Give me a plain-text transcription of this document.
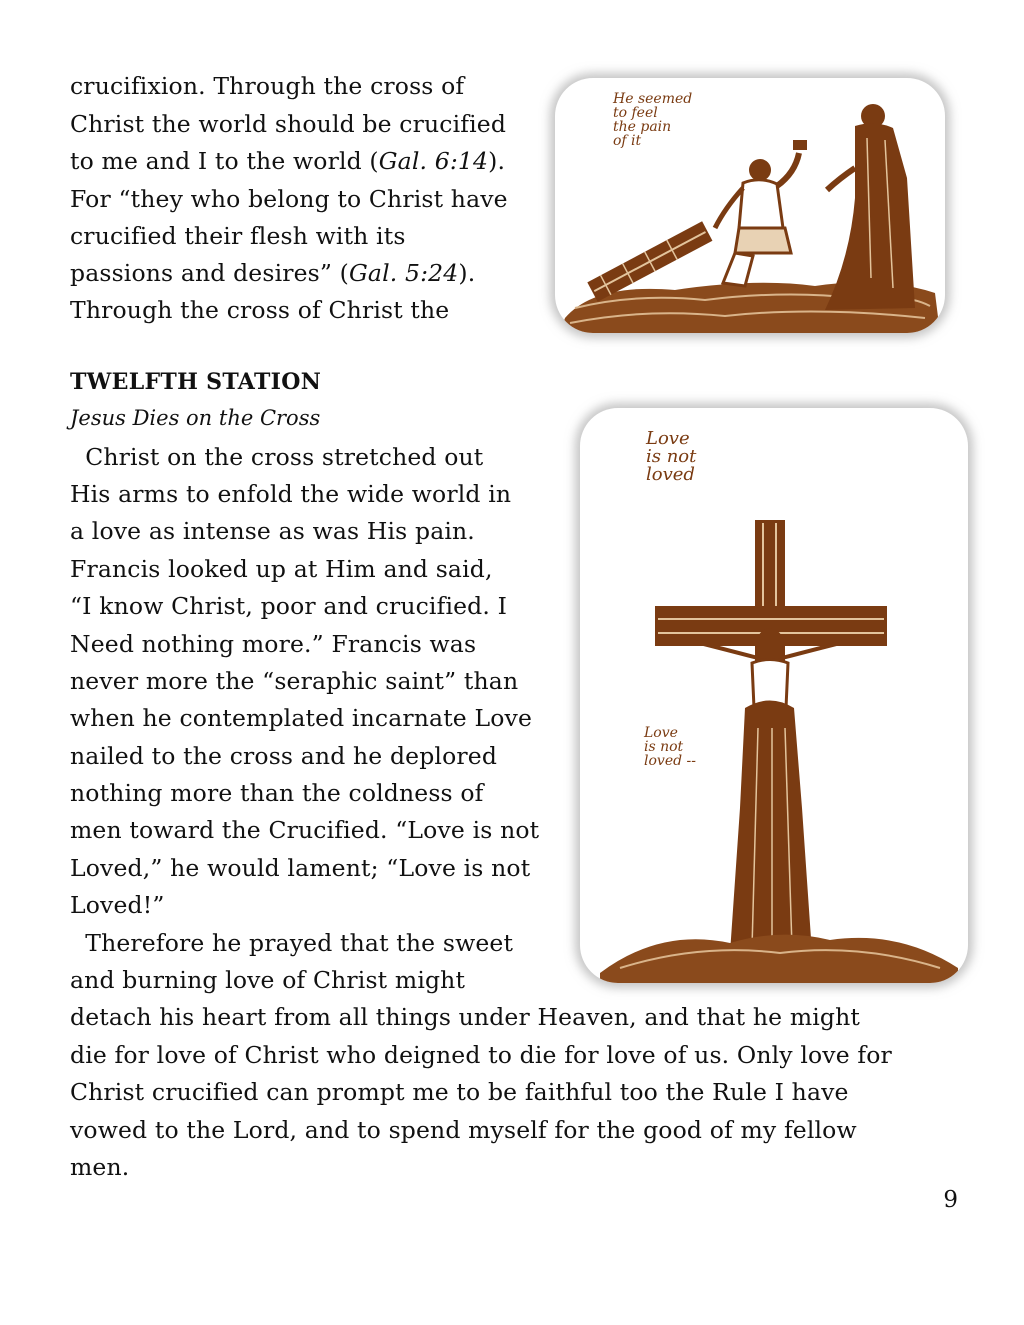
crucifixion. Through the cross of
Christ the world should be crucified
to me and I to the world (Gal. 6:14).
For “they who belong to Christ have
crucified their flesh with its
passions and desires” (Gal. 5:24).
Through the cross of Christ the
He seemed
to feel
the pain
of it
TWELFTH STATION
Jesus Dies on the Cross
Love
is not
loved
Love
is not
loved --
Christ on the cross stretched out
His arms to enfold the wide world in
a love as intense as was His pain.
Francis looked up at Him and said,
“I know Christ, poor and crucified. I
Need nothing more.” Francis was
never more the “seraphic saint” than
when he contemplated incarnate Love
nailed to the cross and he deplored
nothing more than the coldness of
men toward the Crucified. “Love is not
Loved,” he would lament; “Love is not
Loved!”
Therefore he prayed that the sweet
and burning love of Christ might
detach his heart from all things under Heaven, and that he might
die for love of Christ who deigned to die for love of us. Only love for
Christ crucified can prompt me to be faithful too the Rule I have
vowed to the Lord, and to spend myself for the good of my fellow
men.
9
